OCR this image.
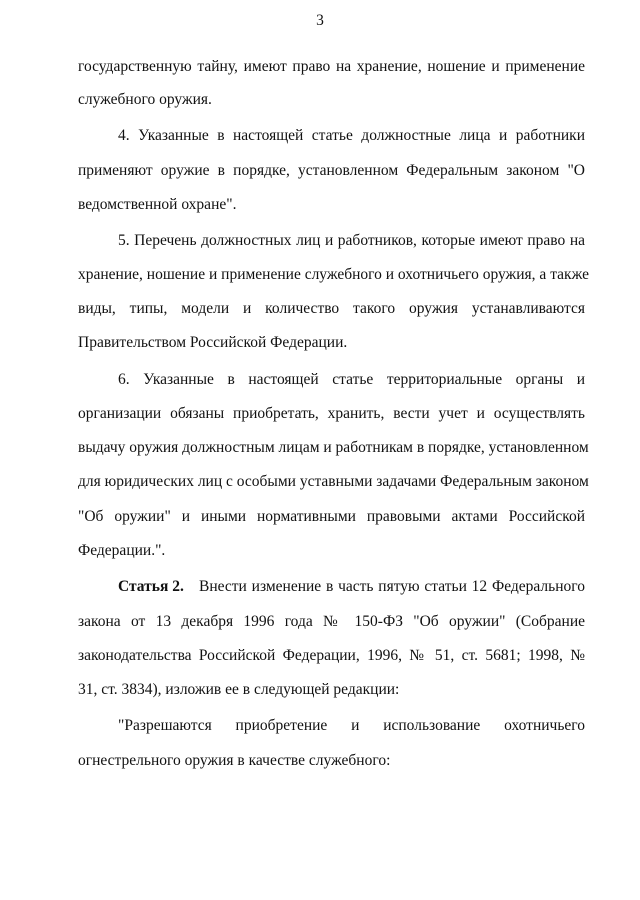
3
государственную тайну, имеют право на хранение, ношение и применение
служебного оружия.
4. Указанные в настоящей статье должностные лица и работники
применяют оружие в порядке, установленном Федеральным законом "О
ведомственной охране".
5. Перечень должностных лиц и работников, которые имеют право на
хранение, ношение и применение служебного и охотничьего оружия, а также
виды, типы, модели и количество такого оружия устанавливаются
Правительством Российской Федерации.
6. Указанные в настоящей статье территориальные органы и
организации обязаны приобретать, хранить, вести учет и осуществлять
выдачу оружия должностным лицам и работникам в порядке, установленном
для юридических лиц с особыми уставными задачами Федеральным законом
"Об оружии" и иными нормативными правовыми актами Российской
Федерации.".
Статья 2. Внести изменение в часть пятую статьи 12 Федерального
закона от 13 декабря 1996 года № 150-ФЗ "Об оружии" (Собрание
законодательства Российской Федерации, 1996, № 51, ст. 5681; 1998, №
31, ст. 3834), изложив ее в следующей редакции:
"Разрешаются приобретение и использование охотничьего
огнестрельного оружия в качестве служебного:
